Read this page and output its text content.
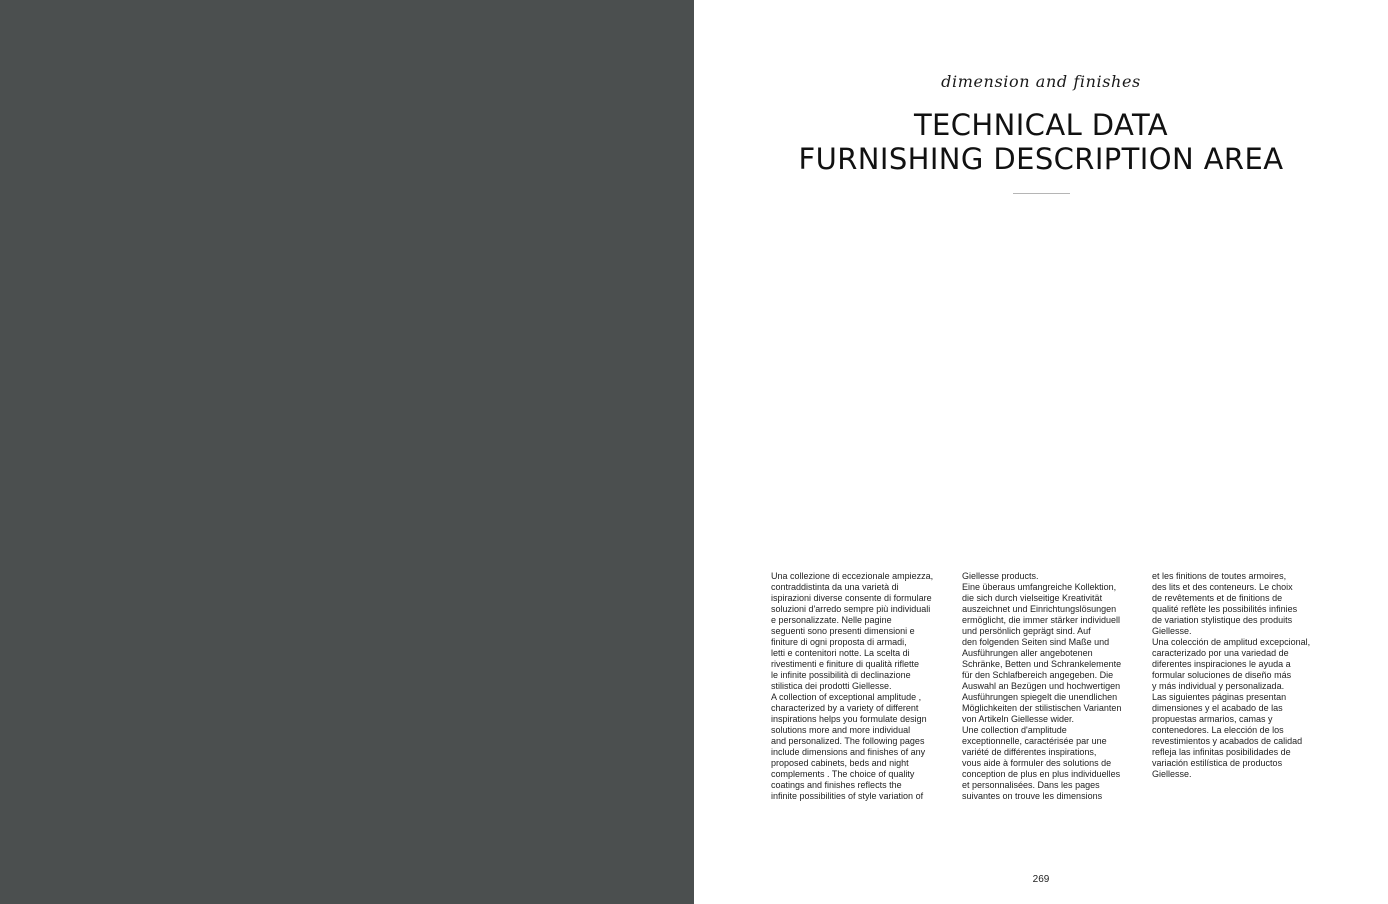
dimension and finishes
TECHNICAL DATA
FURNISHING DESCRIPTION AREA
Una collezione di eccezionale ampiezza,
contraddistinta da una varietà di
ispirazioni diverse consente di formulare
soluzioni d'arredo sempre più individuali
e personalizzate. Nelle pagine
seguenti sono presenti dimensioni e
finiture di ogni proposta di armadi,
letti e contenitori notte. La scelta di
rivestimenti e finiture di qualità riflette
le infinite possibilità di declinazione
stilistica dei prodotti Giellesse.
A collection of exceptional amplitude ,
characterized by a variety of different
inspirations helps you formulate design
solutions more and more individual
and personalized. The following pages
include dimensions and finishes of any
proposed cabinets, beds and night
complements . The choice of quality
coatings and finishes reflects the
infinite possibilities of style variation of
Giellesse products.
Eine überaus umfangreiche Kollektion,
die sich durch vielseitige Kreativität
auszeichnet und Einrichtungslösungen
ermöglicht, die immer stärker individuell
und persönlich geprägt sind. Auf
den folgenden Seiten sind Maße und
Ausführungen aller angebotenen
Schränke, Betten und Schrankelemente
für den Schlafbereich angegeben. Die
Auswahl an Bezügen und hochwertigen
Ausführungen spiegelt die unendlichen
Möglichkeiten der stilistischen Varianten
von Artikeln Giellesse wider.
Une collection d'amplitude
exceptionnelle, caractérisée par une
variété de différentes inspirations,
vous aide à formuler des solutions de
conception de plus en plus individuelles
et personnalisées. Dans les pages
suivantes on trouve les dimensions
et les finitions de toutes armoires,
des lits et des conteneurs. Le choix
de revêtements et de finitions de
qualité reflète les possibilités infinies
de variation stylistique des produits
Giellesse.
Una colección de amplitud excepcional,
caracterizado por una variedad de
diferentes inspiraciones le ayuda a
formular soluciones de diseño más
y más individual y personalizada.
Las siguientes páginas presentan
dimensiones y el acabado de las
propuestas armarios, camas y
contenedores. La elección de los
revestimientos y acabados de calidad
refleja las infinitas posibilidades de
variación estilística de productos
Giellesse.
269
